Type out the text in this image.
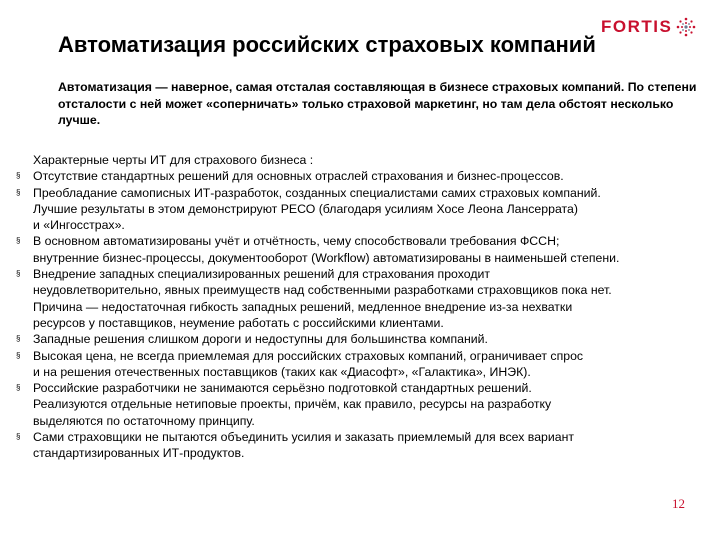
FORTIS
Автоматизация российских страховых компаний

Автоматизация — наверное, самая отсталая составляющая в бизнесе страховых компаний. По степени отсталости с ней может «соперничать» только страховой маркетинг, но там дела обстоят несколько лучше.

Характерные черты ИТ для страхового бизнеса :

§	Отсутствие стандартных решений для основных отраслей страхования и бизнес-процессов.
§	Преобладание самописных ИТ-разработок, созданных специалистами самих страховых компаний.
Лучшие результаты в этом демонстрируют РЕСО (благодаря усилиям Хосе Леона Лансеррата)
и «Ингосстрах».
§	В основном автоматизированы учёт и отчётность, чему способствовали требования ФССН;
внутренние бизнес-процессы, документооборот (Workflow) автоматизированы в наименьшей степени.
§	Внедрение западных специализированных решений для страхования проходит
неудовлетворительно, явных преимуществ над собственными разработками страховщиков пока нет.
Причина — недостаточная гибкость западных решений, медленное внедрение из-за нехватки
ресурсов у поставщиков, неумение работать с российскими клиентами.
§	Западные решения слишком дороги и недоступны для большинства компаний.
§	Высокая цена, не всегда приемлемая для российских страховых компаний, ограничивает спрос
и на решения отечественных поставщиков (таких как «Диасофт», «Галактика», ИНЭК).
§	Российские разработчики не занимаются серьёзно подготовкой стандартных решений.
Реализуются отдельные нетиповые проекты, причём, как правило, ресурсы на разработку
выделяются по остаточному принципу.
§	Сами страховщики не пытаются объединить усилия и заказать приемлемый для всех вариант
стандартизированных ИТ-продуктов.
12
